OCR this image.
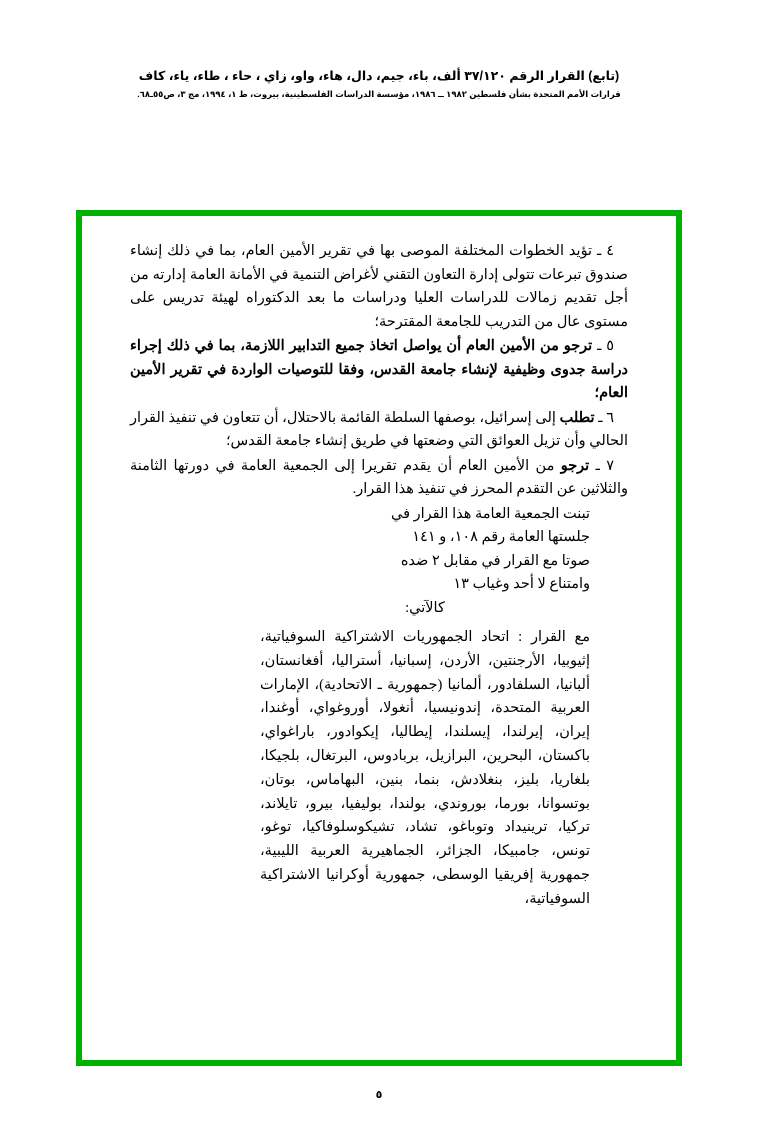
(تابع) القرار الرقم ٣٧/١٢٠ ألف، باء، جيم، دال، هاء، واو، زاي ، حاء ، طاء، ياء، كاف
قرارات الأمم المتحدة بشأن فلسطين ١٩٨٢ ــ ١٩٨٦، مؤسسة الدراسات الفلسطينية، بيروت، ط ١، ١٩٩٤، مج ٣، ص٥٥ـ٦٨.

٤ ـ تؤيد الخطوات المختلفة الموصى بها في تقرير الأمين العام، بما في ذلك إنشاء صندوق تبرعات تتولى إدارة التعاون التقني لأغراض التنمية في الأمانة العامة إدارته من أجل تقديم زمالات للدراسات العليا ودراسات ما بعد الدكتوراه لهيئة تدريس على مستوى عال من التدريب للجامعة المقترحة؛

٥ ـ ترجو من الأمين العام أن يواصل اتخاذ جميع التدابير اللازمة، بما في ذلك إجراء دراسة جدوى وظيفية لإنشاء جامعة القدس، وفقا للتوصيات الواردة في تقرير الأمين العام؛

٦ ـ تطلب إلى إسرائيل، بوصفها السلطة القائمة بالاحتلال، أن تتعاون في تنفيذ القرار الحالي وأن تزيل العوائق التي وضعتها في طريق إنشاء جامعة القدس؛

٧ ـ ترجو من الأمين العام أن يقدم تقريرا إلى الجمعية العامة في دورتها الثامنة والثلاثين عن التقدم المحرز في تنفيذ هذا القرار.

تبنت الجمعية العامة هذا القرار في

جلستها العامة رقم ١٠٨، و ١٤١

صوتا مع القرار في مقابل ٢ ضده

وامتناع لا أحد وغياب ١٣

كالآتي:

مع القرار : اتحاد الجمهوريات الاشتراكية السوفياتية، إثيوبيا، الأرجنتين، الأردن، إسبانيا، أستراليا، أفغانستان، ألبانيا، السلفادور، ألمانيا (جمهورية ـ الاتحادية)، الإمارات العربية المتحدة، إندونيسيا، أنغولا، أوروغواي، أوغندا، إيران، إيرلندا، إيسلندا، إيطاليا، إيكوادور، باراغواي، باكستان، البحرين، البرازيل، بربادوس، البرتغال، بلجيكا، بلغاريا، بليز، بنغلادش، بنما، بنين، البهاماس، بوتان، بوتسوانا، بورما، بوروندي، بولندا، بوليفيا، بيرو، تايلاند، تركيا، ترينيداد وتوباغو، تشاد، تشيكوسلوفاكيا، توغو، تونس، جامبيكا، الجزائر، الجماهيرية العربية الليبية، جمهورية إفريقيا الوسطى، جمهورية أوكرانيا الاشتراكية السوفياتية،
٥
